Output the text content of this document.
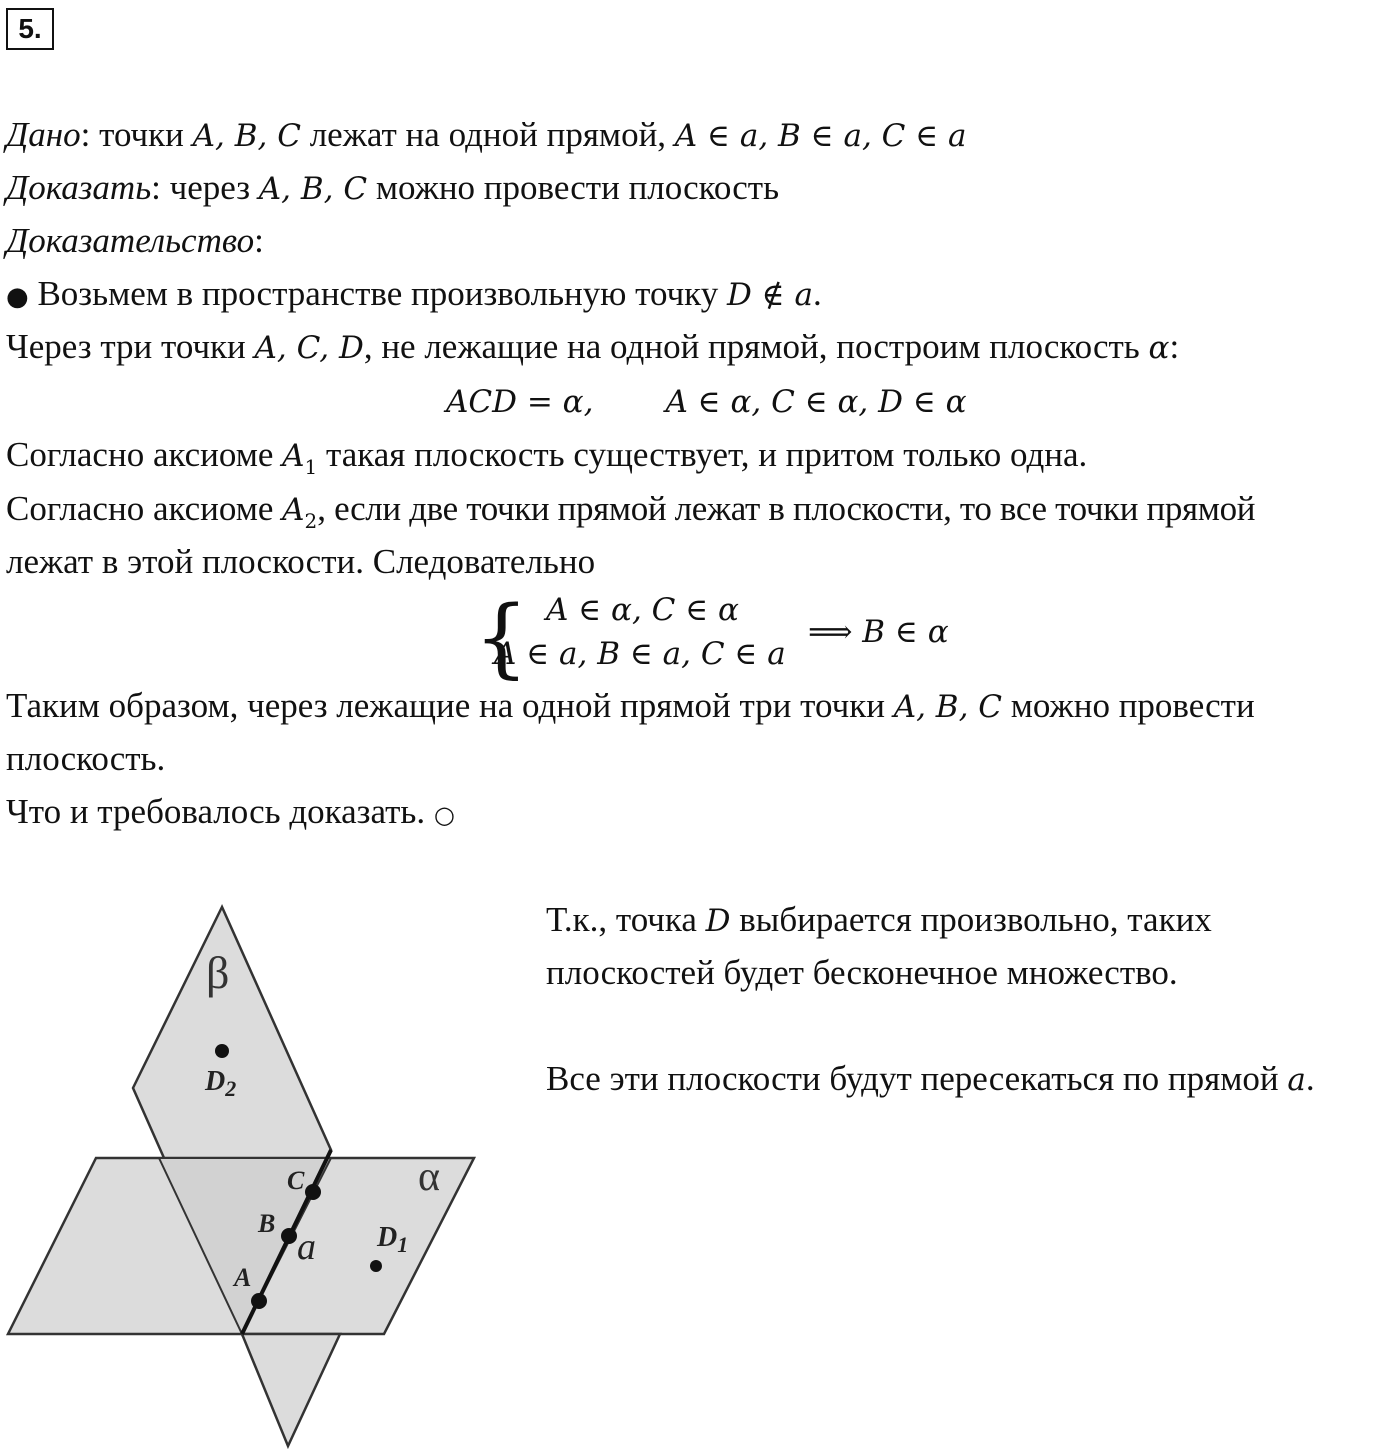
5.
Дано: точки A, B, C лежат на одной прямой, A ∈ a, B ∈ a, C ∈ a
Доказать: через A, B, C можно провести плоскость
Доказательство:
● Возьмем в пространстве произвольную точку D ∉ a.
Через три точки A, C, D, не лежащие на одной прямой, построим плоскость α:
ACD = α, A ∈ α, C ∈ α, D ∈ α
Согласно аксиоме $A_1$ такая плоскость существует, и притом только одна.
Согласно аксиоме $A_2$, если две точки прямой лежат в плоскости, то все точки прямой
лежат в этой плоскости. Следовательно
{ A ∈ α, C ∈ α
A ∈ a, B ∈ a, C ∈ a
⟹ B ∈ α
Таким образом, через лежащие на одной прямой три точки A, B, C можно провести
плоскость.
Что и требовалось доказать. ○
Т.к., точка D выбирается произвольно, таких
плоскостей будет бесконечное множество.
Все эти плоскости будут пересекаться по прямой a.
β
α
a
A
B
C
$D_1$
$D_2$
